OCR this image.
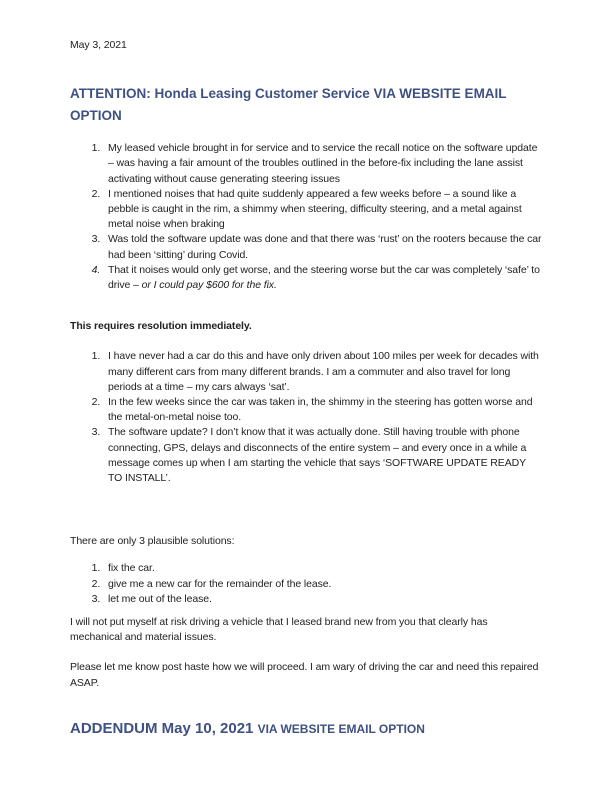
May 3, 2021

ATTENTION: Honda Leasing Customer Service VIA WEBSITE EMAIL OPTION
1. My leased vehicle brought in for service and to service the recall notice on the software update – was having a fair amount of the troubles outlined in the before-fix including the lane assist activating without cause generating steering issues
2. I mentioned noises that had quite suddenly appeared a few weeks before – a sound like a pebble is caught in the rim, a shimmy when steering, difficulty steering, and a metal against metal noise when braking
3. Was told the software update was done and that there was ‘rust’ on the rooters because the car had been ‘sitting’ during Covid.
4. That it noises would only get worse, and the steering worse but the car was completely ‘safe’ to drive – or I could pay $600 for the fix.

This requires resolution immediately.

1. I have never had a car do this and have only driven about 100 miles per week for decades with many different cars from many different brands. I am a commuter and also travel for long periods at a time – my cars always ‘sat’.
2. In the few weeks since the car was taken in, the shimmy in the steering has gotten worse and the metal-on-metal noise too.
3. The software update? I don’t know that it was actually done. Still having trouble with phone connecting, GPS, delays and disconnects of the entire system – and every once in a while a message comes up when I am starting the vehicle that says ‘SOFTWARE UPDATE READY TO INSTALL’.

There are only 3 plausible solutions:

1. fix the car.
2. give me a new car for the remainder of the lease.
3. let me out of the lease.

I will not put myself at risk driving a vehicle that I leased brand new from you that clearly has mechanical and material issues.

Please let me know post haste how we will proceed. I am wary of driving the car and need this repaired ASAP.

ADDENDUM May 10, 2021 VIA WEBSITE EMAIL OPTION
